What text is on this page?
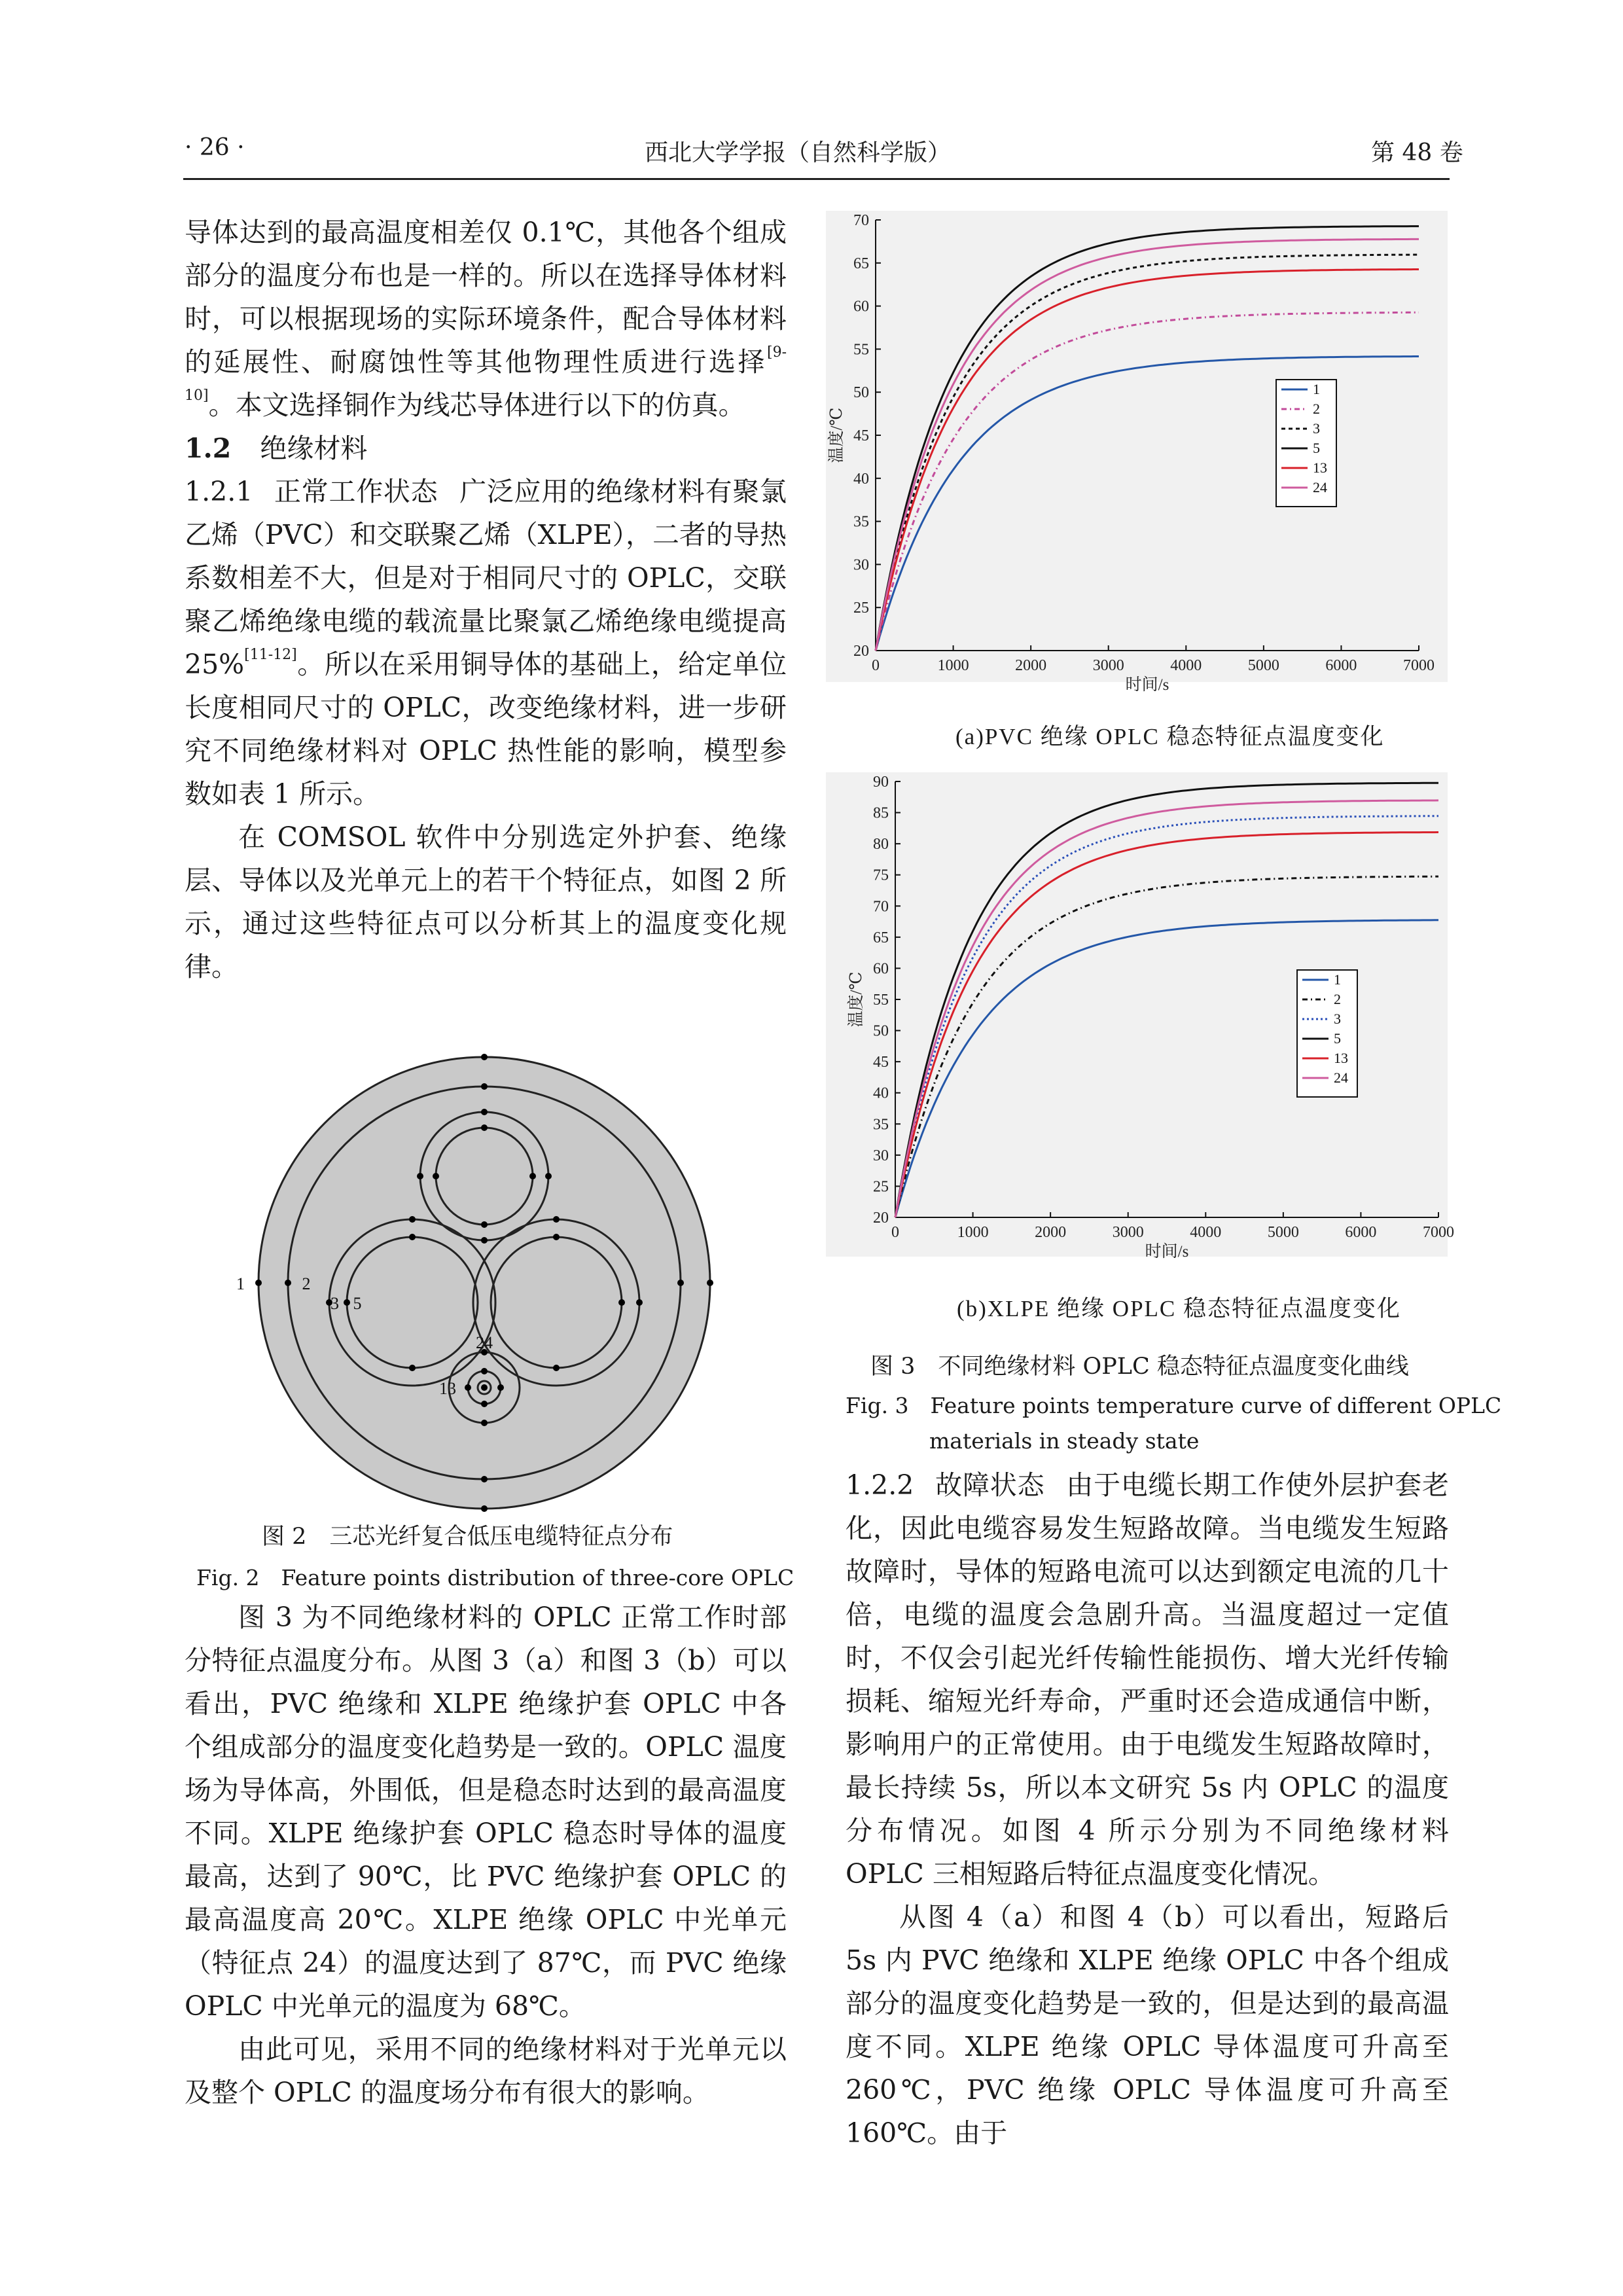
· 26 ·	西北大学学报（自然科学版）	第 48 卷

导体达到的最高温度相差仅 0.1℃，其他各个组成部分的温度分布也是一样的。所以在选择导体材料时，可以根据现场的实际环境条件，配合导体材料的延展性、耐腐蚀性等其他物理性质进行选择[9-10]。本文选择铜作为线芯导体进行以下的仿真。

1.2 绝缘材料

1.2.1 正常工作状态 广泛应用的绝缘材料有聚氯乙烯（PVC）和交联聚乙烯（XLPE），二者的导热系数相差不大，但是对于相同尺寸的 OPLC，交联聚乙烯绝缘电缆的载流量比聚氯乙烯绝缘电缆提高 25%[11-12]。所以在采用铜导体的基础上，给定单位长度相同尺寸的 OPLC，改变绝缘材料，进一步研究不同绝缘材料对 OPLC 热性能的影响，模型参数如表 1 所示。

在 COMSOL 软件中分别选定外护套、绝缘层、导体以及光单元上的若干个特征点，如图 2 所示，通过这些特征点可以分析其上的温度变化规律。

1	2
3 5
24
13
图 2　三芯光纤复合低压电缆特征点分布
Fig. 2　Feature points distribution of three-core OPLC

图 3 为不同绝缘材料的 OPLC 正常工作时部分特征点温度分布。从图 3（a）和图 3（b）可以看出，PVC 绝缘和 XLPE 绝缘护套 OPLC 中各个组成部分的温度变化趋势是一致的。OPLC 温度场为导体高，外围低，但是稳态时达到的最高温度不同。XLPE 绝缘护套 OPLC 稳态时导体的温度最高，达到了 90℃，比 PVC 绝缘护套 OPLC 的最高温度高 20℃。XLPE 绝缘 OPLC 中光单元（特征点 24）的温度达到了 87℃，而 PVC 绝缘 OPLC 中光单元的温度为 68℃。

由此可见，采用不同的绝缘材料对于光单元以及整个 OPLC 的温度场分布有很大的影响。

20
25
30
35
40
45
50
55
60
65
70
0	1000	2000	3000	4000	5000	6000	7000
时间/s
温度/℃
1
2
3
5
13
24
(a)PVC 绝缘 OPLC 稳态特征点温度变化
20
25
30
35
40
45
50
55
60
65
70
75
80
85
90
0	1000	2000	3000	4000	5000	6000	7000
时间/s
温度/℃	1
2
3
5
13
24
(b)XLPE 绝缘 OPLC 稳态特征点温度变化
图 3　不同绝缘材料 OPLC 稳态特征点温度变化曲线
Fig. 3　Feature points temperature curve of different OPLC
materials in steady state

1.2.2 故障状态 由于电缆长期工作使外层护套老化，因此电缆容易发生短路故障。当电缆发生短路故障时，导体的短路电流可以达到额定电流的几十倍，电缆的温度会急剧升高。当温度超过一定值时，不仅会引起光纤传输性能损伤、增大光纤传输损耗、缩短光纤寿命，严重时还会造成通信中断，影响用户的正常使用。由于电缆发生短路故障时，最长持续 5s，所以本文研究 5s 内 OPLC 的温度分布情况。如图 4 所示分别为不同绝缘材料 OPLC 三相短路后特征点温度变化情况。

从图 4（a）和图 4（b）可以看出，短路后 5s 内 PVC 绝缘和 XLPE 绝缘 OPLC 中各个组成部分的温度变化趋势是一致的，但是达到的最高温度不同。XLPE 绝缘 OPLC 导体温度可升高至 260℃，PVC 绝缘 OPLC 导体温度可升高至 160℃。由于
